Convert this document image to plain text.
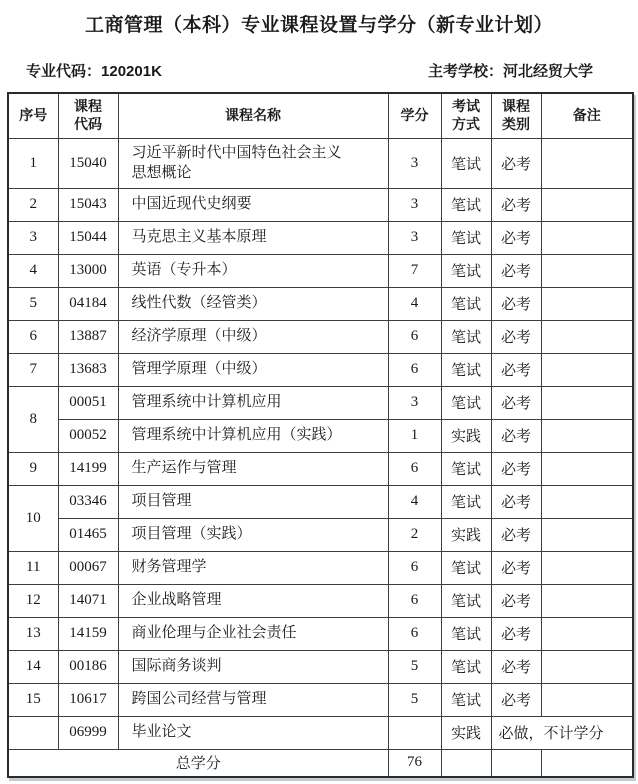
工商管理（本科）专业课程设置与学分（新专业计划）
专业代码：120201K	主考学校：河北经贸大学
序号	课程代码	课程名称	学分	考试方式	课程类别	备注
1	15040	习近平新时代中国特色社会主义思想概论	3	笔试	必考	
2	15043	中国近现代史纲要	3	笔试	必考	
3	15044	马克思主义基本原理	3	笔试	必考	
4	13000	英语（专升本）	7	笔试	必考	
5	04184	线性代数（经管类）	4	笔试	必考	
6	13887	经济学原理（中级）	6	笔试	必考	
7	13683	管理学原理（中级）	6	笔试	必考	
8	00051	管理系统中计算机应用	3	笔试	必考	
	00052	管理系统中计算机应用（实践）	1	实践	必考	
9	14199	生产运作与管理	6	笔试	必考	
10	03346	项目管理	4	笔试	必考	
	01465	项目管理（实践）	2	实践	必考	
11	00067	财务管理学	6	笔试	必考	
12	14071	企业战略管理	6	笔试	必考	
13	14159	商业伦理与企业社会责任	6	笔试	必考	
14	00186	国际商务谈判	5	笔试	必考	
15	10617	跨国公司经营与管理	5	笔试	必考	
	06999	毕业论文		实践	必做，不计学分	
总学分			76			
